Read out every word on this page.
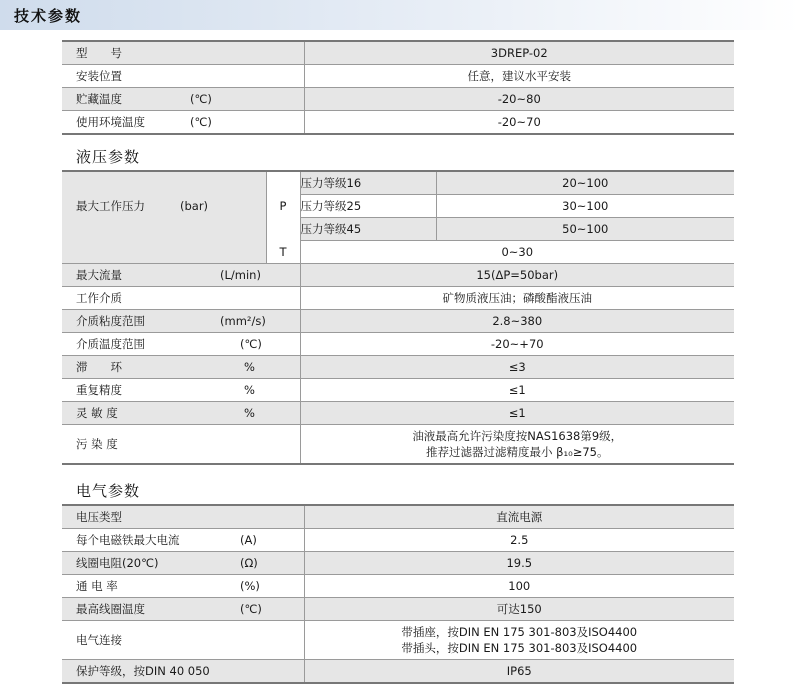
技术参数
型　　号		3DREP-02
安装位置		任意，建议水平安装
贮藏温度	(℃)	-20~80
使用环境温度	(℃)	-20~70
液压参数
最大工作压力	(bar)	P	压力等级16	20~100
			压力等级25	30~100
			压力等级45	50~100
		T	0~30	
最大流量	(L/min)		15(ΔP=50bar)	
工作介质			矿物质液压油；磷酸酯液压油	
介质粘度范围	(mm²/s)		2.8~380	
介质温度范围	(℃)		-20~+70	
滞　　环	%		≤3	
重复精度	%		≤1	
灵 敏 度	%		≤1	
污 染 度			油液最高允许污染度按NAS1638第9级，
推荐过滤器过滤精度最小 β₁₀≥75。	
电气参数
电压类型		直流电源
每个电磁铁最大电流	(A)	2.5
线圈电阻(20℃)	(Ω)	19.5
通 电 率	(%)	100
最高线圈温度	(℃)	可达150
电气连接		带插座，按DIN EN 175 301-803及ISO4400
带插头，按DIN EN 175 301-803及ISO4400

保护等级，按DIN 40 050		IP65
